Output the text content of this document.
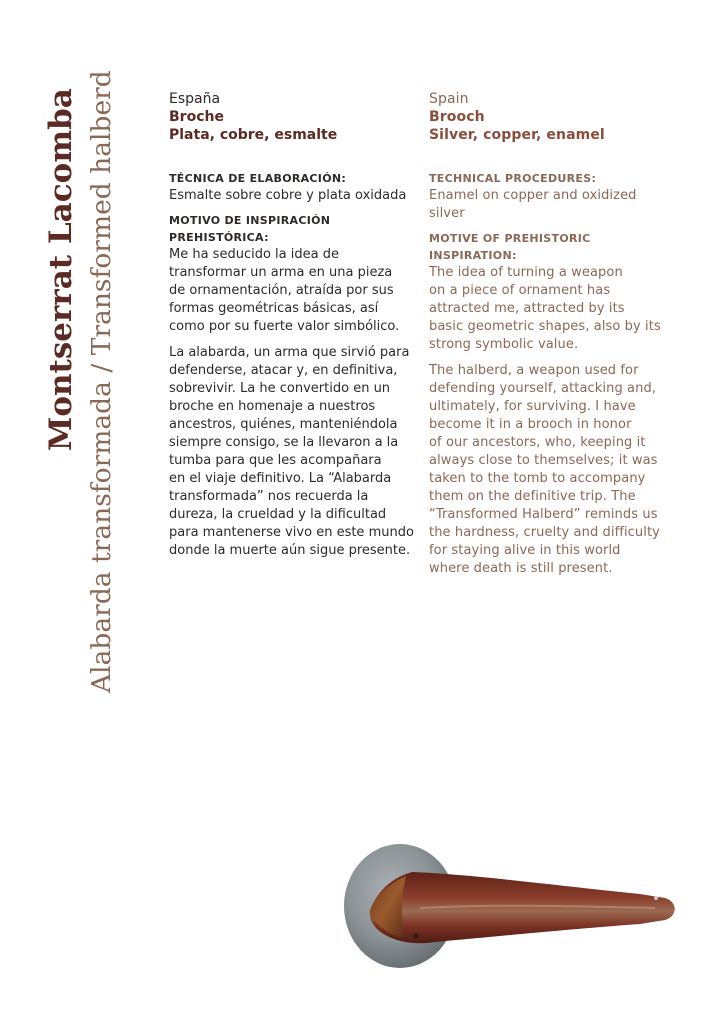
Montserrat Lacomba Alabarda transformada / Transformed halberd	España

Broche

Plata, cobre, esmalte

TÉCNICA DE ELABORACIÓN:

Esmalte sobre cobre y plata oxidada

MOTIVO DE INSPIRACIÓN

PREHISTÓRICA:

Me ha seducido la idea de

transformar un arma en una pieza

de ornamentación, atraída por sus

formas geométricas básicas, así

como por su fuerte valor simbólico.

La alabarda, un arma que sirvió para

defenderse, atacar y, en definitiva,

sobrevivir. La he convertido en un

broche en homenaje a nuestros

ancestros, quiénes, manteniéndola

siempre consigo, se la llevaron a la

tumba para que les acompañara

en el viaje definitivo. La “Alabarda

transformada” nos recuerda la

dureza, la crueldad y la dificultad

para mantenerse vivo en este mundo

donde la muerte aún sigue presente.

Spain

Brooch

Silver, copper, enamel

TECHNICAL PROCEDURES:

Enamel on copper and oxidized

silver

MOTIVE OF PREHISTORIC

INSPIRATION:

The idea of turning a weapon

on a piece of ornament has

attracted me, attracted by its

basic geometric shapes, also by its

strong symbolic value.

The halberd, a weapon used for

defending yourself, attacking and,

ultimately, for surviving. I have

become it in a brooch in honor

of our ancestors, who, keeping it

always close to themselves; it was

taken to the tomb to accompany

them on the definitive trip. The

“Transformed Halberd” reminds us

the hardness, cruelty and difficulty

for staying alive in this world

where death is still present.
